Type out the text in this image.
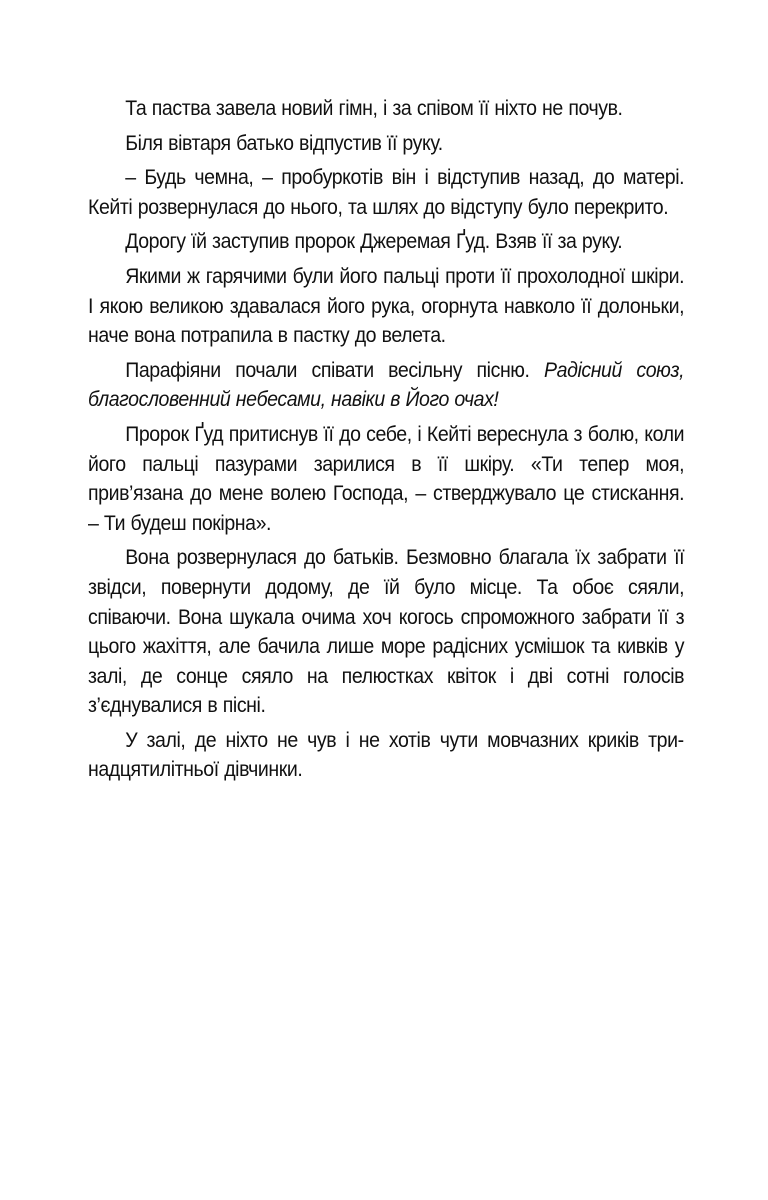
Та паства завела новий гімн, і за співом її ніхто не почув.

Біля вівтаря батько відпустив її руку.

– Будь чемна, – пробуркотів він і відступив назад, до матері. Кейті розвернулася до нього, та шлях до відступу було перекрито.

Дорогу їй заступив пророк Джеремая Ґуд. Взяв її за руку.

Якими ж гарячими були його пальці проти її прохолодної шкіри. І якою великою здавалася його рука, огорнута навколо її долоньки, наче вона потрапила в пастку до велета.

Парафіяни почали співати весільну пісню. Радісний союз, благословенний небесами, навіки в Його очах!

Пророк Ґуд притиснув її до себе, і Кейті вереснула з болю, коли його пальці пазурами зарилися в її шкіру. «Ти тепер моя, прив’язана до мене волею Господа, – стверджувало це стискання. – Ти будеш покірна».

Вона розвернулася до батьків. Безмовно благала їх забрати її звідси, повернути додому, де їй було місце. Та обоє сяяли, співаючи. Вона шукала очима хоч когось спроможного забрати її з цього жахіття, але бачила лише море радісних усмішок та кивків у залі, де сонце сяяло на пелюстках квіток і дві сотні голосів з’єднувалися в пісні.

У залі, де ніхто не чув і не хотів чути мовчазних криків тринадцятилітньої дівчинки.
